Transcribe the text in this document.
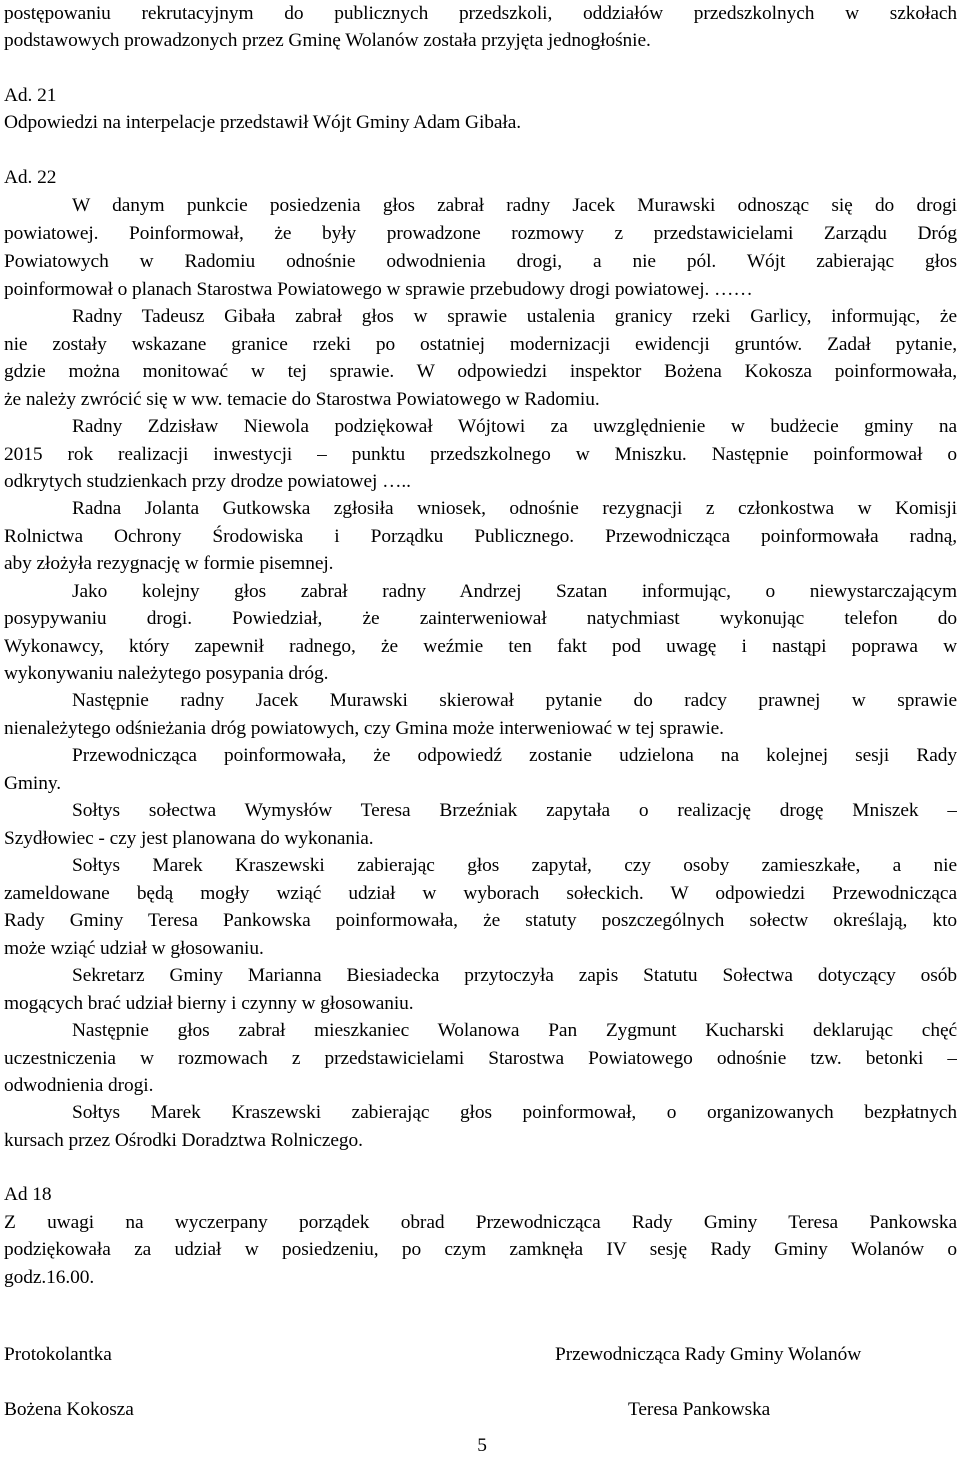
postępowaniu rekrutacyjnym do publicznych przedszkoli, oddziałów przedszkolnych w szkołach
podstawowych prowadzonych przez Gminę Wolanów została przyjęta jednogłośnie.
Ad. 21
Odpowiedzi na interpelacje przedstawił Wójt Gminy Adam Gibała.
Ad. 22
W danym punkcie posiedzenia głos zabrał radny Jacek Murawski odnosząc się do drogi
powiatowej. Poinformował, że były prowadzone rozmowy z przedstawicielami Zarządu Dróg
Powiatowych w Radomiu odnośnie odwodnienia drogi, a nie pól. Wójt zabierając głos
poinformował o planach Starostwa Powiatowego w sprawie przebudowy drogi powiatowej. ……
Radny Tadeusz Gibała zabrał głos w sprawie ustalenia granicy rzeki Garlicy, informując, że
nie zostały wskazane granice rzeki po ostatniej modernizacji ewidencji gruntów. Zadał pytanie,
gdzie można monitować w tej sprawie. W odpowiedzi inspektor Bożena Kokosza poinformowała,
że należy zwrócić się w ww. temacie do Starostwa Powiatowego w Radomiu.
Radny Zdzisław Niewola podziękował Wójtowi za uwzględnienie w budżecie gminy na
2015 rok realizacji inwestycji – punktu przedszkolnego w Mniszku. Następnie poinformował o
odkrytych studzienkach przy drodze powiatowej …..
Radna Jolanta Gutkowska zgłosiła wniosek, odnośnie rezygnacji z członkostwa w Komisji
Rolnictwa Ochrony Środowiska i Porządku Publicznego. Przewodnicząca poinformowała radną,
aby złożyła rezygnację w formie pisemnej.
Jako kolejny głos zabrał radny Andrzej Szatan informując, o niewystarczającym
posypywaniu drogi. Powiedział, że zainterweniował natychmiast wykonując telefon do
Wykonawcy, który zapewnił radnego, że weźmie ten fakt pod uwagę i nastąpi poprawa w
wykonywaniu należytego posypania dróg.
Następnie radny Jacek Murawski skierował pytanie do radcy prawnej w sprawie
nienależytego odśnieżania dróg powiatowych, czy Gmina może interweniować w tej sprawie.
Przewodnicząca poinformowała, że odpowiedź zostanie udzielona na kolejnej sesji Rady
Gminy.
Sołtys sołectwa Wymysłów Teresa Brzeźniak zapytała o realizację drogę Mniszek –
Szydłowiec - czy jest planowana do wykonania.
Sołtys Marek Kraszewski zabierając głos zapytał, czy osoby zamieszkałe, a nie
zameldowane będą mogły wziąć udział w wyborach sołeckich. W odpowiedzi Przewodnicząca
Rady Gminy Teresa Pankowska poinformowała, że statuty poszczególnych sołectw określają, kto
może wziąć udział w głosowaniu.
Sekretarz Gminy Marianna Biesiadecka przytoczyła zapis Statutu Sołectwa dotyczący osób
mogących brać udział bierny i czynny w głosowaniu.
Następnie głos zabrał mieszkaniec Wolanowa Pan Zygmunt Kucharski deklarując chęć
uczestniczenia w rozmowach z przedstawicielami Starostwa Powiatowego odnośnie tzw. betonki –
odwodnienia drogi.
Sołtys Marek Kraszewski zabierając głos poinformował, o organizowanych bezpłatnych
kursach przez Ośrodki Doradztwa Rolniczego.
Ad 18
Z uwagi na wyczerpany porządek obrad Przewodnicząca Rady Gminy Teresa Pankowska
podziękowała za udział w posiedzeniu, po czym zamknęła IV sesję Rady Gminy Wolanów o
godz.16.00.
Protokolantka
Bożena Kokosza
Przewodnicząca Rady Gminy Wolanów
Teresa Pankowska
5
